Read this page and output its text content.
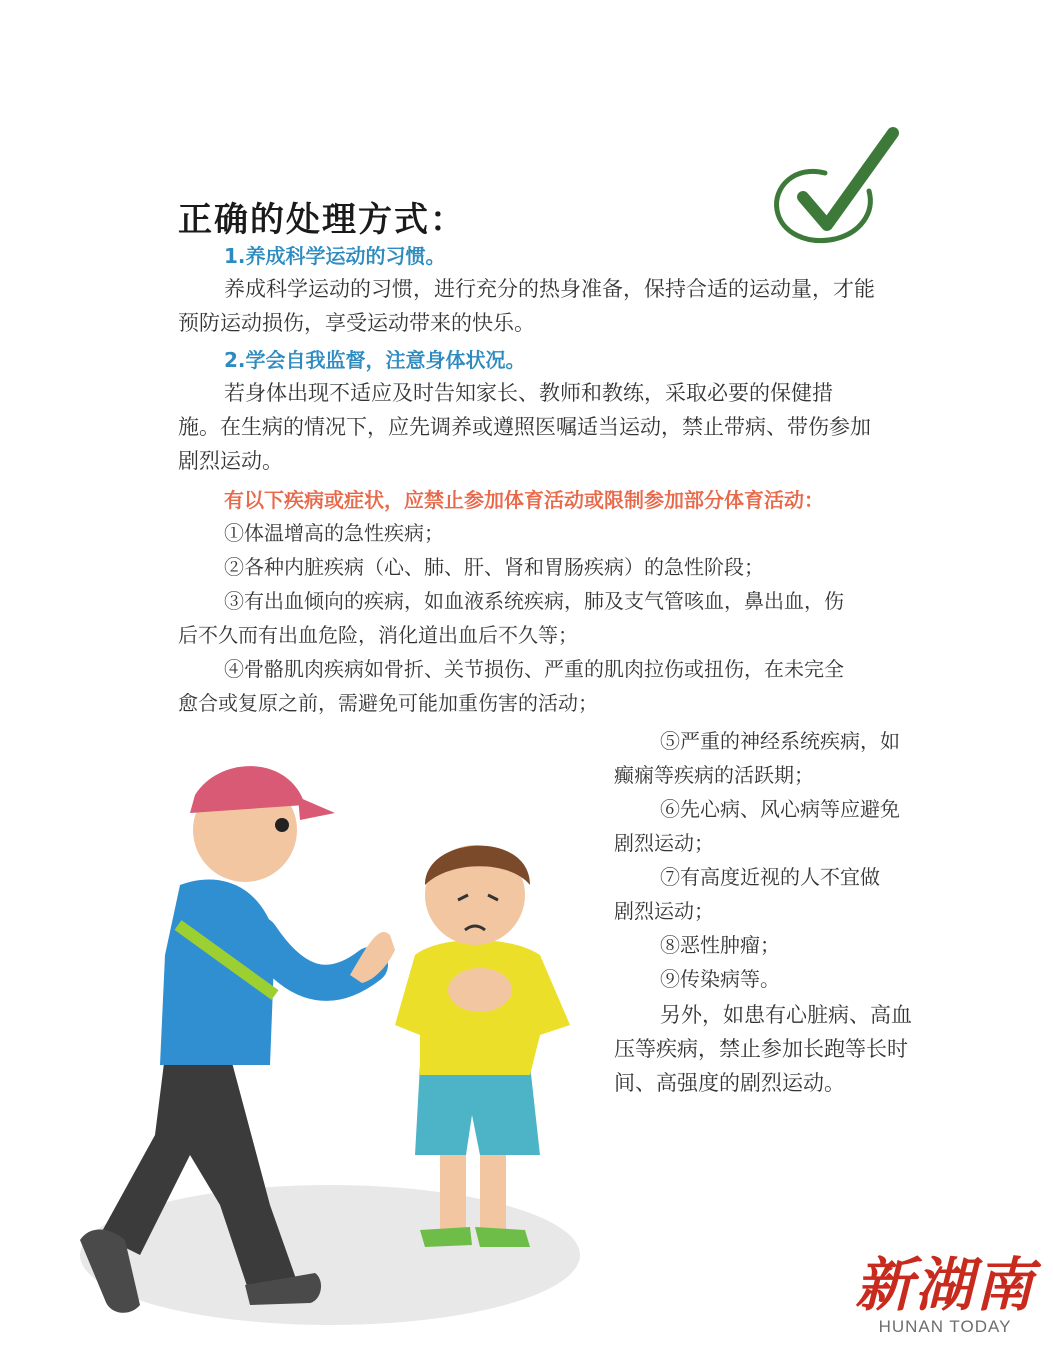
正确的处理方式：
1.养成科学运动的习惯。
养成科学运动的习惯，进行充分的热身准备，保持合适的运动量，才能
预防运动损伤，享受运动带来的快乐。
2.学会自我监督，注意身体状况。
若身体出现不适应及时告知家长、教师和教练，采取必要的保健措
施。在生病的情况下，应先调养或遵照医嘱适当运动，禁止带病、带伤参加
剧烈运动。
有以下疾病或症状，应禁止参加体育活动或限制参加部分体育活动：
①体温增高的急性疾病；
②各种内脏疾病（心、肺、肝、肾和胃肠疾病）的急性阶段；
③有出血倾向的疾病，如血液系统疾病，肺及支气管咳血，鼻出血，伤
后不久而有出血危险，消化道出血后不久等；
④骨骼肌肉疾病如骨折、关节损伤、严重的肌肉拉伤或扭伤，在未完全
愈合或复原之前，需避免可能加重伤害的活动；
⑤严重的神经系统疾病，如
癫痫等疾病的活跃期；
⑥先心病、风心病等应避免
剧烈运动；
⑦有高度近视的人不宜做
剧烈运动；
⑧恶性肿瘤；
⑨传染病等。
另外，如患有心脏病、高血
压等疾病，禁止参加长跑等长时
间、高强度的剧烈运动。
新湖南
HUNAN TODAY
